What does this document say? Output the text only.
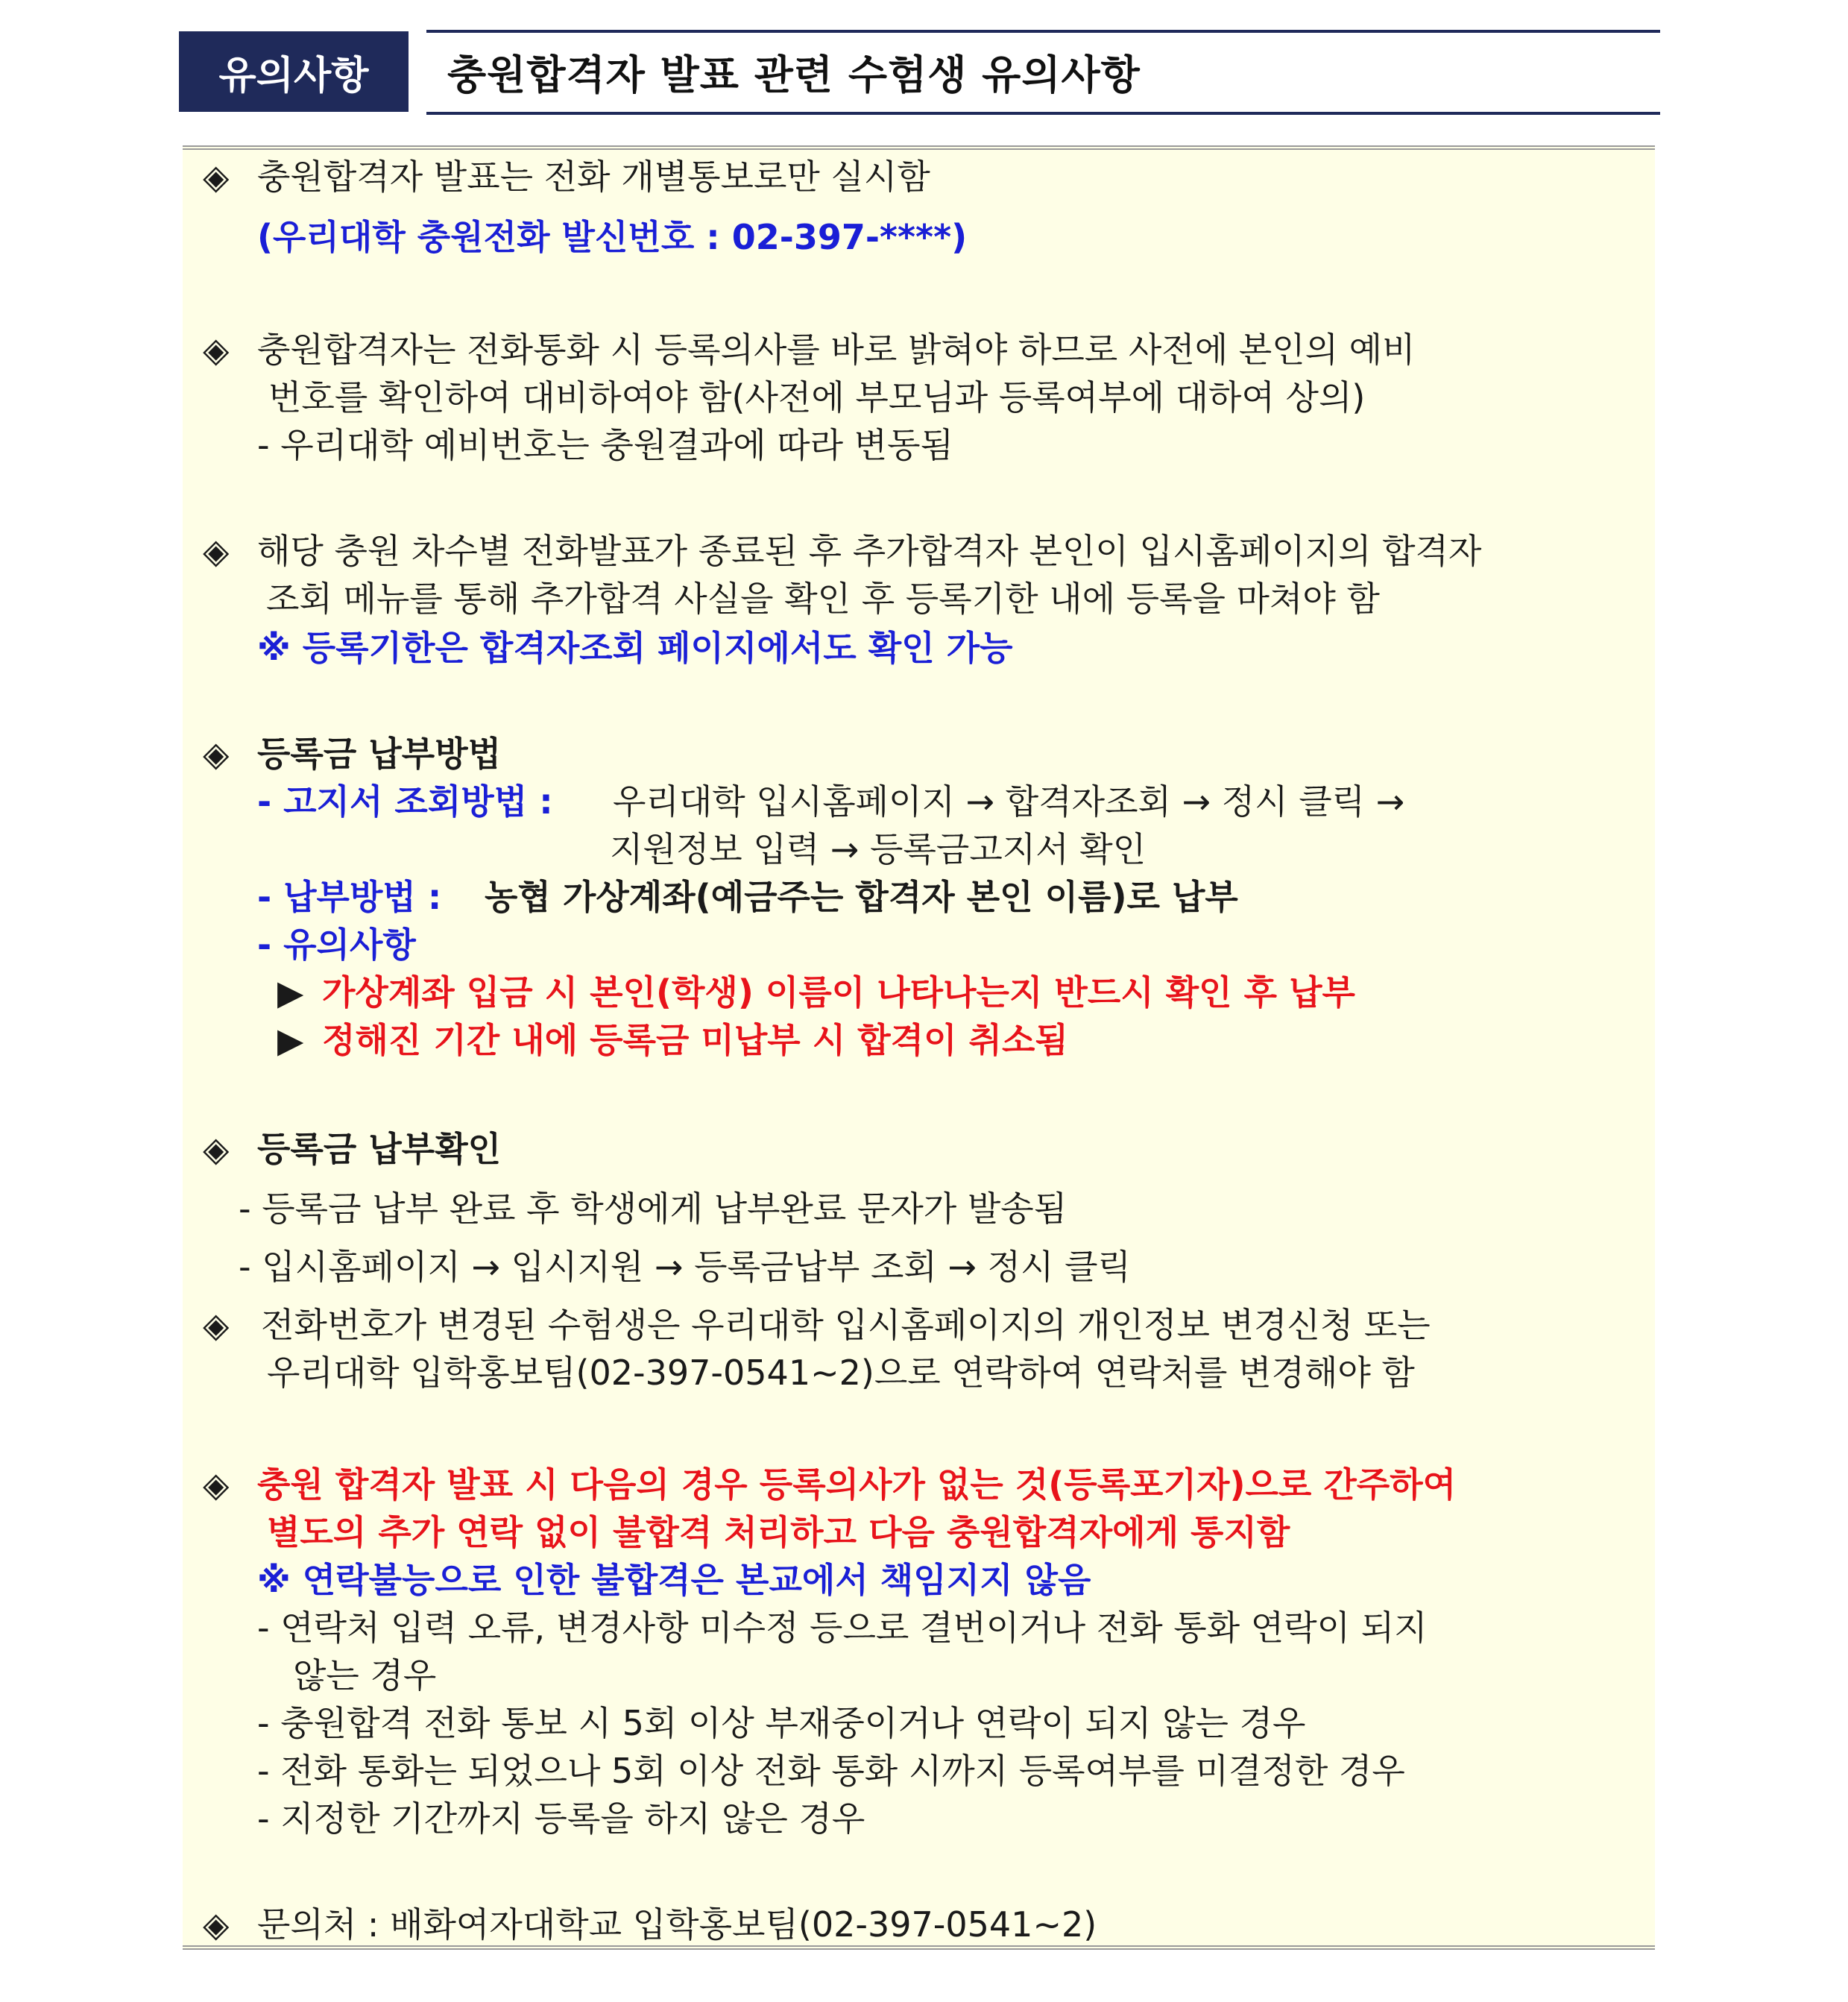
유의사항	충원합격자 발표 관련 수험생 유의사항
◈ 충원합격자 발표는 전화 개별통보로만 실시함
(우리대학 충원전화 발신번호 : 02-397-****)
◈ 충원합격자는 전화통화 시 등록의사를 바로 밝혀야 하므로 사전에 본인의 예비
번호를 확인하여 대비하여야 함(사전에 부모님과 등록여부에 대하여 상의)
- 우리대학 예비번호는 충원결과에 따라 변동됨
◈ 해당 충원 차수별 전화발표가 종료된 후 추가합격자 본인이 입시홈페이지의 합격자
조회 메뉴를 통해 추가합격 사실을 확인 후 등록기한 내에 등록을 마쳐야 함
※ 등록기한은 합격자조회 페이지에서도 확인 가능
◈ 등록금 납부방법
- 고지서 조회방법 : 우리대학 입시홈페이지 → 합격자조회 → 정시 클릭 →
지원정보 입력 → 등록금고지서 확인
- 납부방법 : 농협 가상계좌(예금주는 합격자 본인 이름)로 납부
- 유의사항
▶ 가상계좌 입금 시 본인(학생) 이름이 나타나는지 반드시 확인 후 납부
▶ 정해진 기간 내에 등록금 미납부 시 합격이 취소됨
◈ 등록금 납부확인
- 등록금 납부 완료 후 학생에게 납부완료 문자가 발송됨
- 입시홈페이지 → 입시지원 → 등록금납부 조회 → 정시 클릭
◈ 전화번호가 변경된 수험생은 우리대학 입시홈페이지의 개인정보 변경신청 또는
우리대학 입학홍보팀(02-397-0541~2)으로 연락하여 연락처를 변경해야 함
◈ 충원 합격자 발표 시 다음의 경우 등록의사가 없는 것(등록포기자)으로 간주하여
별도의 추가 연락 없이 불합격 처리하고 다음 충원합격자에게 통지함
※ 연락불능으로 인한 불합격은 본교에서 책임지지 않음
- 연락처 입력 오류, 변경사항 미수정 등으로 결번이거나 전화 통화 연락이 되지
않는 경우
- 충원합격 전화 통보 시 5회 이상 부재중이거나 연락이 되지 않는 경우
- 전화 통화는 되었으나 5회 이상 전화 통화 시까지 등록여부를 미결정한 경우
- 지정한 기간까지 등록을 하지 않은 경우
◈ 문의처 : 배화여자대학교 입학홍보팀(02-397-0541~2)
